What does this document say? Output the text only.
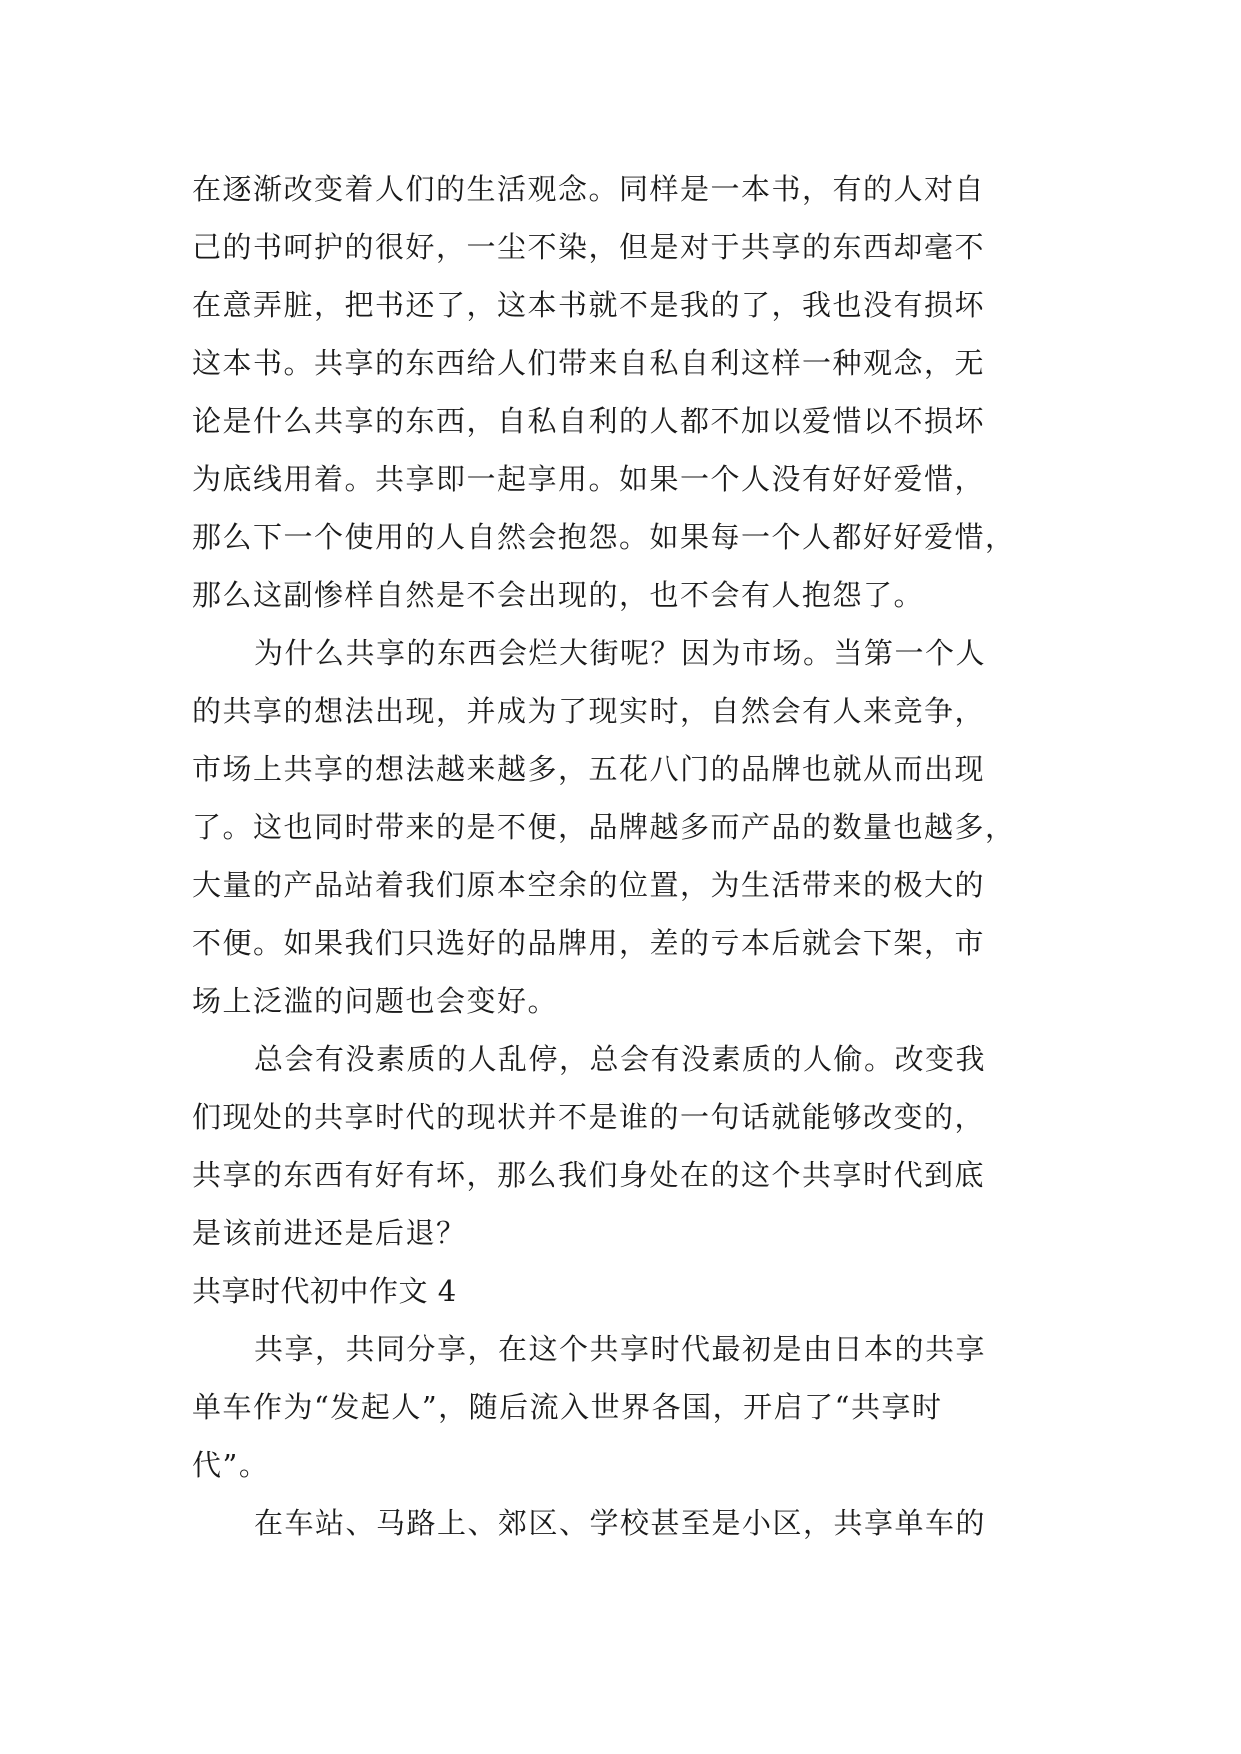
在逐渐改变着人们的生活观念。同样是一本书，有的人对自
己的书呵护的很好，一尘不染，但是对于共享的东西却毫不
在意弄脏，把书还了，这本书就不是我的了，我也没有损坏
这本书。共享的东西给人们带来自私自利这样一种观念，无
论是什么共享的东西，自私自利的人都不加以爱惜以不损坏
为底线用着。共享即一起享用。如果一个人没有好好爱惜，
那么下一个使用的人自然会抱怨。如果每一个人都好好爱惜，
那么这副惨样自然是不会出现的，也不会有人抱怨了。
为什么共享的东西会烂大街呢？因为市场。当第一个人
的共享的想法出现，并成为了现实时，自然会有人来竞争，
市场上共享的想法越来越多，五花八门的品牌也就从而出现
了。这也同时带来的是不便，品牌越多而产品的数量也越多，
大量的产品站着我们原本空余的位置，为生活带来的极大的
不便。如果我们只选好的品牌用，差的亏本后就会下架，市
场上泛滥的问题也会变好。
总会有没素质的人乱停，总会有没素质的人偷。改变我
们现处的共享时代的现状并不是谁的一句话就能够改变的，
共享的东西有好有坏，那么我们身处在的这个共享时代到底
是该前进还是后退？
共享时代初中作文 4
共享，共同分享，在这个共享时代最初是由日本的共享
单车作为“发起人”，随后流入世界各国，开启了“共享时
代”。
在车站、马路上、郊区、学校甚至是小区，共享单车的
